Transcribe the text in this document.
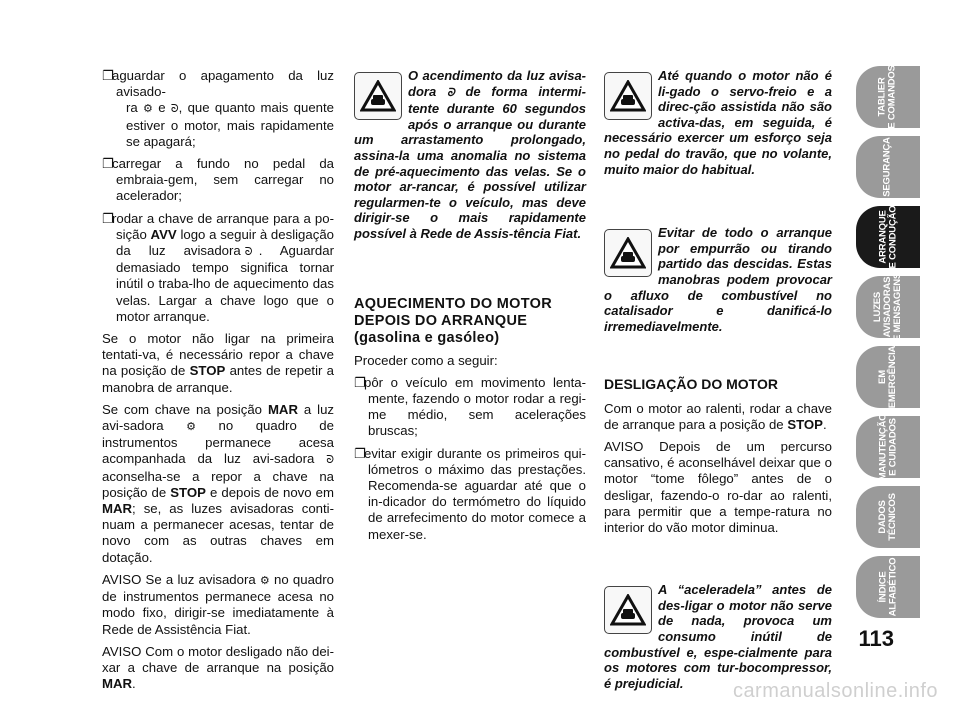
❐aguardar o apagamento da luz avisado-
ra ⚙ e ᘐ, que quanto mais quente estiver o motor, mais rapidamente se apagará;
❐carregar a fundo no pedal da embraia-gem, sem carregar no acelerador;
❐rodar a chave de arranque para a po-sição AVV logo a seguir à desligação da luz avisadora ᘐ . Aguardar demasiado tempo significa tornar inútil o traba-lho de aquecimento das velas. Largar a chave logo que o motor arranque.

Se o motor não ligar na primeira tentati-va, é necessário repor a chave na posição de STOP antes de repetir a manobra de arranque.

Se com chave na posição MAR a luz avi-sadora ⚙ no quadro de instrumentos permanece acesa acompanhada da luz avi-sadora ᘐ aconselha-se a repor a chave na posição de STOP e depois de novo em MAR; se, as luzes avisadoras conti-nuam a permanecer acesas, tentar de novo com as outras chaves em dotação.

AVISO Se a luz avisadora ⚙ no quadro de instrumentos permanece acesa no modo fixo, dirigir-se imediatamente à Rede de Assistência Fiat.

AVISO Com o motor desligado não dei-xar a chave de arranque na posição MAR.

O acendimento da luz avisa-dora ᘐ de forma intermi-tente durante 60 segundos após o arranque ou durante um arrastamento prolongado, assina-la uma anomalia no sistema de pré-aquecimento das velas. Se o motor ar-rancar, é possível utilizar regularmen-te o veículo, mas deve dirigir-se o mais rapidamente possível à Rede de Assis-tência Fiat.
AQUECIMENTO DO MOTOR
DEPOIS DO ARRANQUE
(gasolina e gasóleo)

Proceder como a seguir:

❐pôr o veículo em movimento lenta-mente, fazendo o motor rodar a regi-me médio, sem acelerações bruscas;
❐evitar exigir durante os primeiros qui-lómetros o máximo das prestações. Recomenda-se aguardar até que o in-dicador do termómetro do líquido de arrefecimento do motor comece a mexer-se.
Até quando o motor não é li-gado o servo-freio e a direc-ção assistida não são activa-das, em seguida, é necessário exercer um esforço seja no pedal do travão, que no volante, muito maior do habitual.
Evitar de todo o arranque por empurrão ou tirando partido das descidas. Estas manobras podem provocar o afluxo de combustível no catalisador e danificá-lo irremediavelmente.
DESLIGAÇÃO DO MOTOR

Com o motor ao ralenti, rodar a chave de arranque para a posição de STOP.

AVISO Depois de um percurso cansativo, é aconselhável deixar que o motor “tome fôlego” antes de o desligar, fazendo-o ro-dar ao ralenti, para permitir que a tempe-ratura no interior do vão motor diminua.

A “aceleradela” antes de des-ligar o motor não serve de nada, provoca um consumo inútil de combustível e, espe-cialmente para os motores com tur-bocompressor, é prejudicial.
TABLIER
E COMANDOS
SEGURANÇA
ARRANQUE
E CONDUÇÃO
LUZES
AVISADORAS
E MENSAGENS
EM
EMERGÊNCIA
MANUTENÇÃO
E CUIDADOS
DADOS
TÉCNICOS
ÍNDICE
ALFABÉTICO
113
carmanualsonline.info
